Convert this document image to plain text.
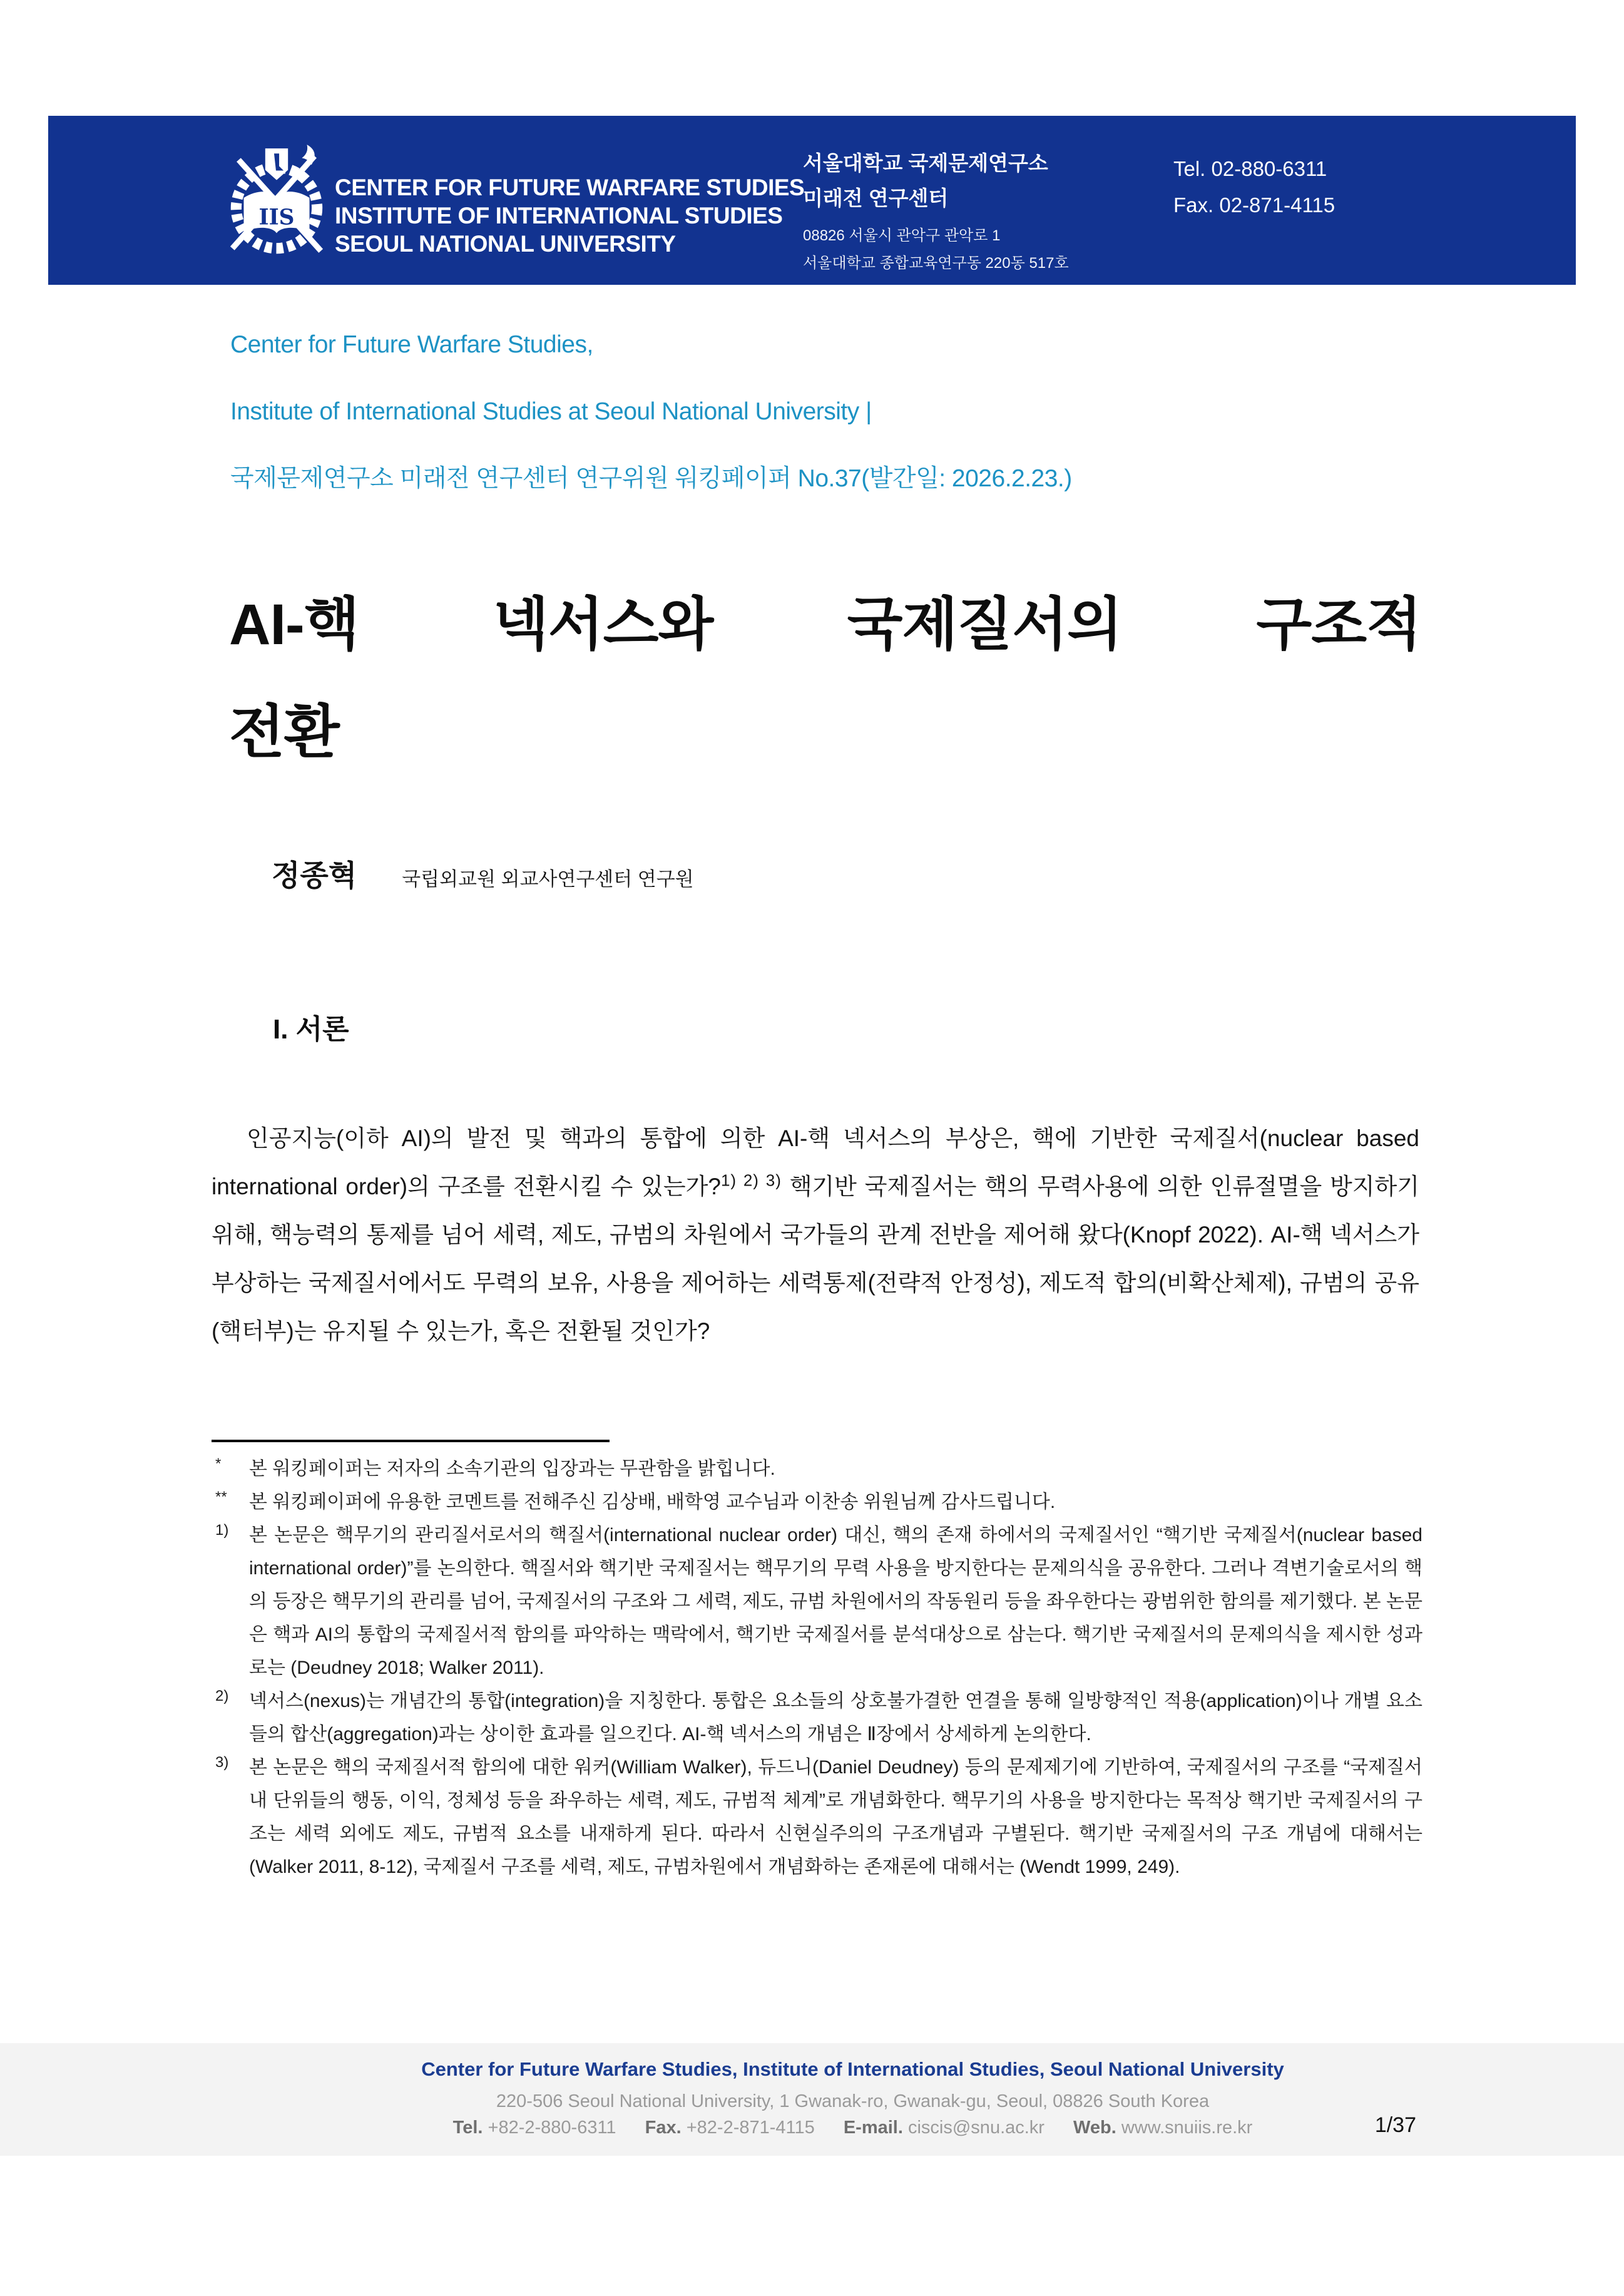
IIS
CENTER FOR FUTURE WARFARE STUDIES
INSTITUTE OF INTERNATIONAL STUDIES
SEOUL NATIONAL UNIVERSITY
서울대학교 국제문제연구소
미래전 연구센터
08826 서울시 관악구 관악로 1
서울대학교 종합교육연구동 220동 517호
Tel. 02-880-6311
Fax. 02-871-4115
Center for Future Warfare Studies,
Institute of International Studies at Seoul National University |
국제문제연구소 미래전 연구센터 연구위원 워킹페이퍼 No.37(발간일: 2026.2.23.)
AI-핵 넥서스와 국제질서의 구조적
전환
정종혁 국립외교원 외교사연구센터 연구원
I. 서론

인공지능(이하 AI)의 발전 및 핵과의 통합에 의한 AI-핵 넥서스의 부상은, 핵에 기반한 국제질서(nuclear based international order)의 구조를 전환시킬 수 있는가?$^{1) 2) 3)}$ 핵기반 국제질서는 핵의 무력사용에 의한 인류절멸을 방지하기 위해, 핵능력의 통제를 넘어 세력, 제도, 규범의 차원에서 국가들의 관계 전반을 제어해 왔다(Knopf 2022). AI-핵 넥서스가 부상하는 국제질서에서도 무력의 보유, 사용을 제어하는 세력통제(전략적 안정성), 제도적 합의(비확산체제), 규범의 공유(핵터부)는 유지될 수 있는가, 혹은 전환될 것인가?

* 본 워킹페이퍼는 저자의 소속기관의 입장과는 무관함을 밝힙니다.
** 본 워킹페이퍼에 유용한 코멘트를 전해주신 김상배, 배학영 교수님과 이찬송 위원님께 감사드립니다.
1) 본 논문은 핵무기의 관리질서로서의 핵질서(international nuclear order) 대신, 핵의 존재 하에서의 국제질서인 “핵기반 국제질서(nuclear based international order)”를 논의한다. 핵질서와 핵기반 국제질서는 핵무기의 무력 사용을 방지한다는 문제의식을 공유한다. 그러나 격변기술로서의 핵의 등장은 핵무기의 관리를 넘어, 국제질서의 구조와 그 세력, 제도, 규범 차원에서의 작동원리 등을 좌우한다는 광범위한 함의를 제기했다. 본 논문은 핵과 AI의 통합의 국제질서적 함의를 파악하는 맥락에서, 핵기반 국제질서를 분석대상으로 삼는다. 핵기반 국제질서의 문제의식을 제시한 성과로는 (Deudney 2018; Walker 2011).
2) 넥서스(nexus)는 개념간의 통합(integration)을 지칭한다. 통합은 요소들의 상호불가결한 연결을 통해 일방향적인 적용(application)이나 개별 요소들의 합산(aggregation)과는 상이한 효과를 일으킨다. AI-핵 넥서스의 개념은 Ⅱ장에서 상세하게 논의한다.
3) 본 논문은 핵의 국제질서적 함의에 대한 워커(William Walker), 듀드니(Daniel Deudney) 등의 문제제기에 기반하여, 국제질서의 구조를 “국제질서 내 단위들의 행동, 이익, 정체성 등을 좌우하는 세력, 제도, 규범적 체계”로 개념화한다. 핵무기의 사용을 방지한다는 목적상 핵기반 국제질서의 구조는 세력 외에도 제도, 규범적 요소를 내재하게 된다. 따라서 신현실주의의 구조개념과 구별된다. 핵기반 국제질서의 구조 개념에 대해서는 (Walker 2011, 8-12), 국제질서 구조를 세력, 제도, 규범차원에서 개념화하는 존재론에 대해서는 (Wendt 1999, 249).
Center for Future Warfare Studies, Institute of International Studies, Seoul National University
220-506 Seoul National University, 1 Gwanak-ro, Gwanak-gu, Seoul, 08826 South Korea
Tel. +82-2-880-6311 Fax. +82-2-871-4115 E-mail. ciscis@snu.ac.kr Web. www.snuiis.re.kr	1/37
